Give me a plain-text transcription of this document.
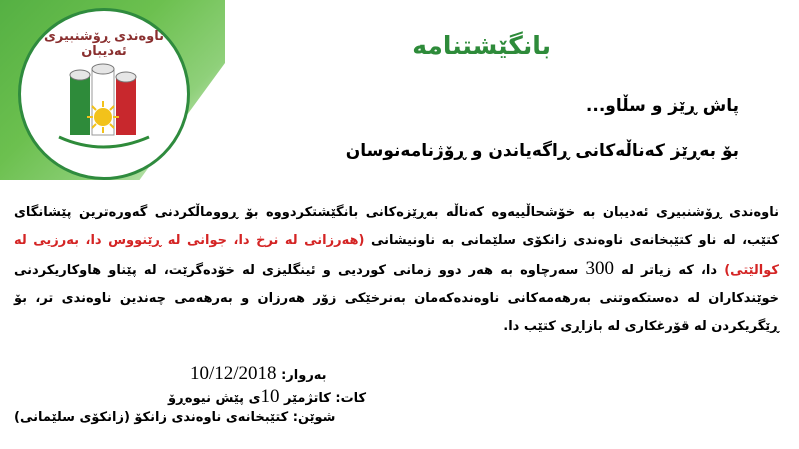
ناوەندی ڕۆشنبیری ئەدیبان	بانگێشتنامە
پاش ڕێز و سڵاو...
بۆ بەڕێز کەناڵەکانی ڕاگەیاندن و ڕۆژنامەنوسان
ناوەندی ڕۆشنبیری ئەدیبان بە خۆشحاڵییەوە کەناڵە بەڕێزەکانی بانگێشتکردووە بۆ ڕووماڵکردنی گەورەترین پێشانگای کتێب، لە ناو کتێبخانەی ناوەندی زانکۆی سلێمانی بە ناونیشانی (هەرزانی لە نرخ دا، جوانی لە ڕێنووس دا، بەرزیی لە کوالێتی) دا، کە زیاتر لە 300 سەرچاوە بە هەر دوو زمانی کوردیی و ئینگلیزی لە خۆدەگرێت، لە پێناو هاوکاریکردنی خوێندکاران لە دەستکەوتنی بەرهەمەکانی ناوەندەکەمان بەنرخێکی زۆر هەرزان و بەرهەمی چەندین ناوەندی تر، بۆ ڕێگریکردن لە قۆرغکاری لە بازاڕی کتێب دا.
بەروار: 10/12/2018
کات: کاتژمێر 10ی پێش نیوەڕۆ
شوێن: کتێبخانەی ناوەندی زانکۆ (زانکۆی سلێمانی)
